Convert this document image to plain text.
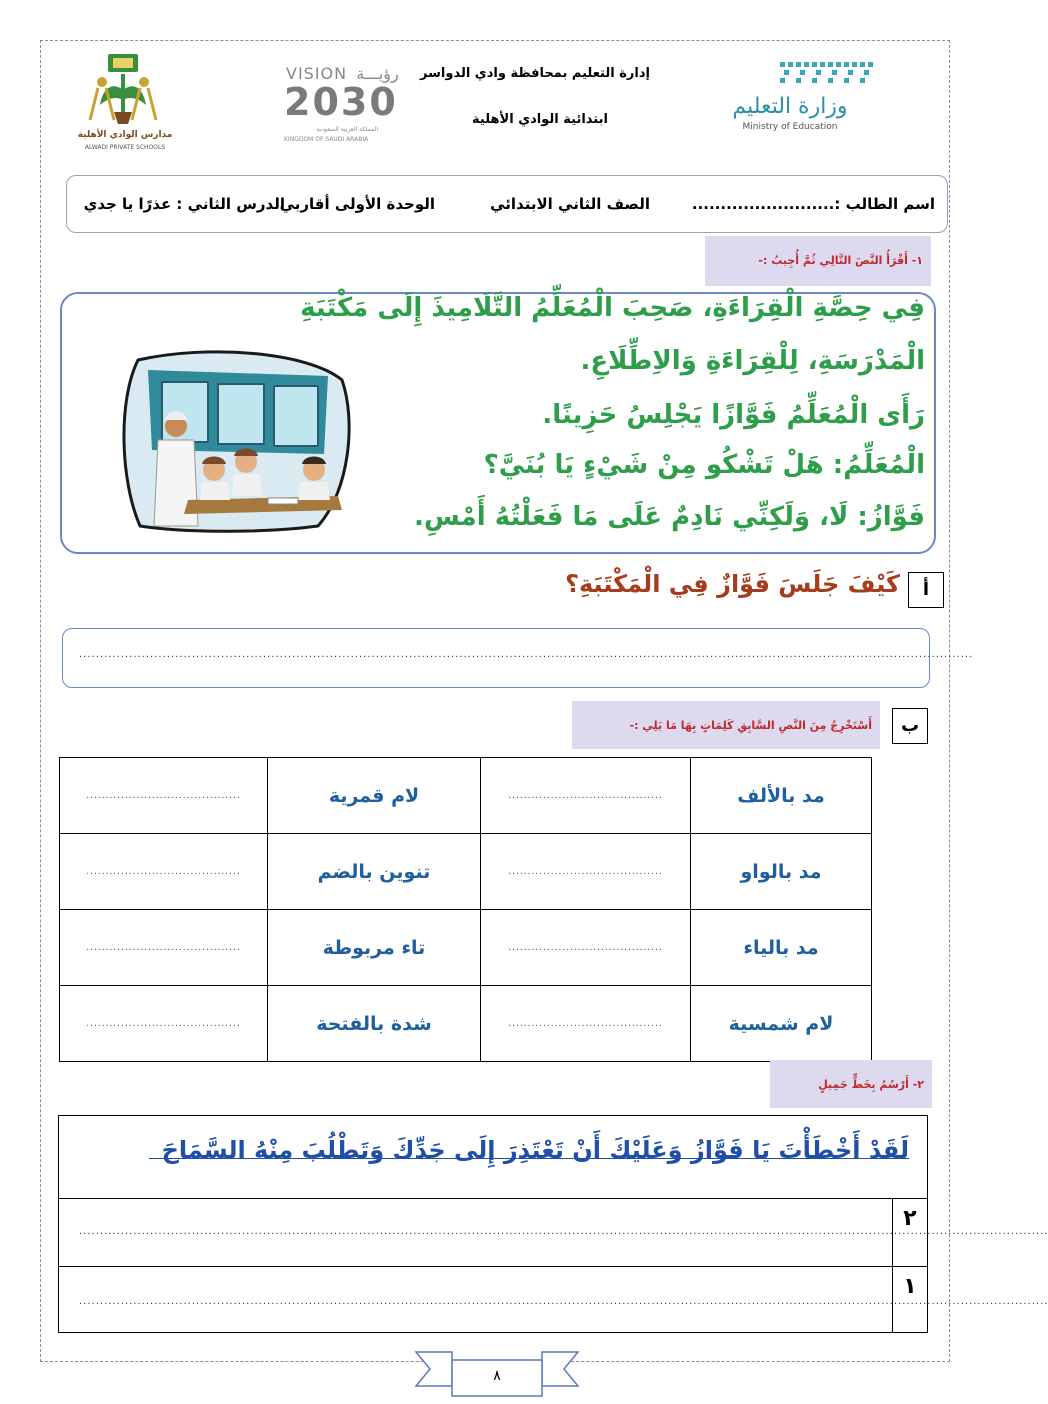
وزارة التعليم
Ministry of Education
إدارة التعليم بمحافظة وادي الدواسر
ابتدائية الوادي الأهلية
VISION رؤيـــة
2030
المملكة العربية السعودية
KINGDOM OF SAUDI ARABIA
مدارس الوادي الأهلية
ALWADI PRIVATE SCHOOLS
اسم الطالب :.........................
الصف الثاني الابتدائي
الوحدة الأولى أقاربي
الدرس الثاني : عذرًا يا جدي
١- أَقْرَأُ النَّصَ التَّالِي ثُمَّ أُجِيبُ :-
فِي حِصَّةِ الْقِرَاءَةِ، صَحِبَ الْمُعَلِّمُ التَّلَامِيذَ إِلَى مَكْتَبَةِ
الْمَدْرَسَةِ، لِلْقِرَاءَةِ وَالاِطِّلَاعِ.
رَأَى الْمُعَلِّمُ فَوَّازًا يَجْلِسُ حَزِينًا.
الْمُعَلِّمُ: هَلْ تَشْكُو مِنْ شَيْءٍ يَا بُنَيَّ؟
فَوَّازُ: لَا، وَلَكِنِّي نَادِمٌ عَلَى مَا فَعَلْتُهُ أَمْسِ.
أ
كَيْفَ جَلَسَ فَوَّازٌ فِي الْمَكْتَبَةِ؟
......................................................................................................................................................................................................................
ب
أَسْتَخْرِجُ مِنَ النَّصِ السَّابِقِ كَلِمَاتٍ بِهَا مَا يَلِي :-
مد بالألف	........................................	لام قمرية	........................................
مد بالواو	........................................	تنوين بالضم	........................................
مد بالياء	........................................	تاء مربوطة	........................................
لام شمسية	........................................	شدة بالفتحة	........................................
٢- أَرْسُمُ بِخَطٍّ جَمِيلٍ
لَقَدْ أَخْطَأْتَ يَا فَوَّازُ وَعَلَيْكَ أَنْ تَعْتَذِرَ إِلَى جَدِّكَ وَتَطْلُبَ مِنْهُ السَّمَاحَ
٢
١
........................................................................................................................................................................................................................................
........................................................................................................................................................................................................................................
٨
